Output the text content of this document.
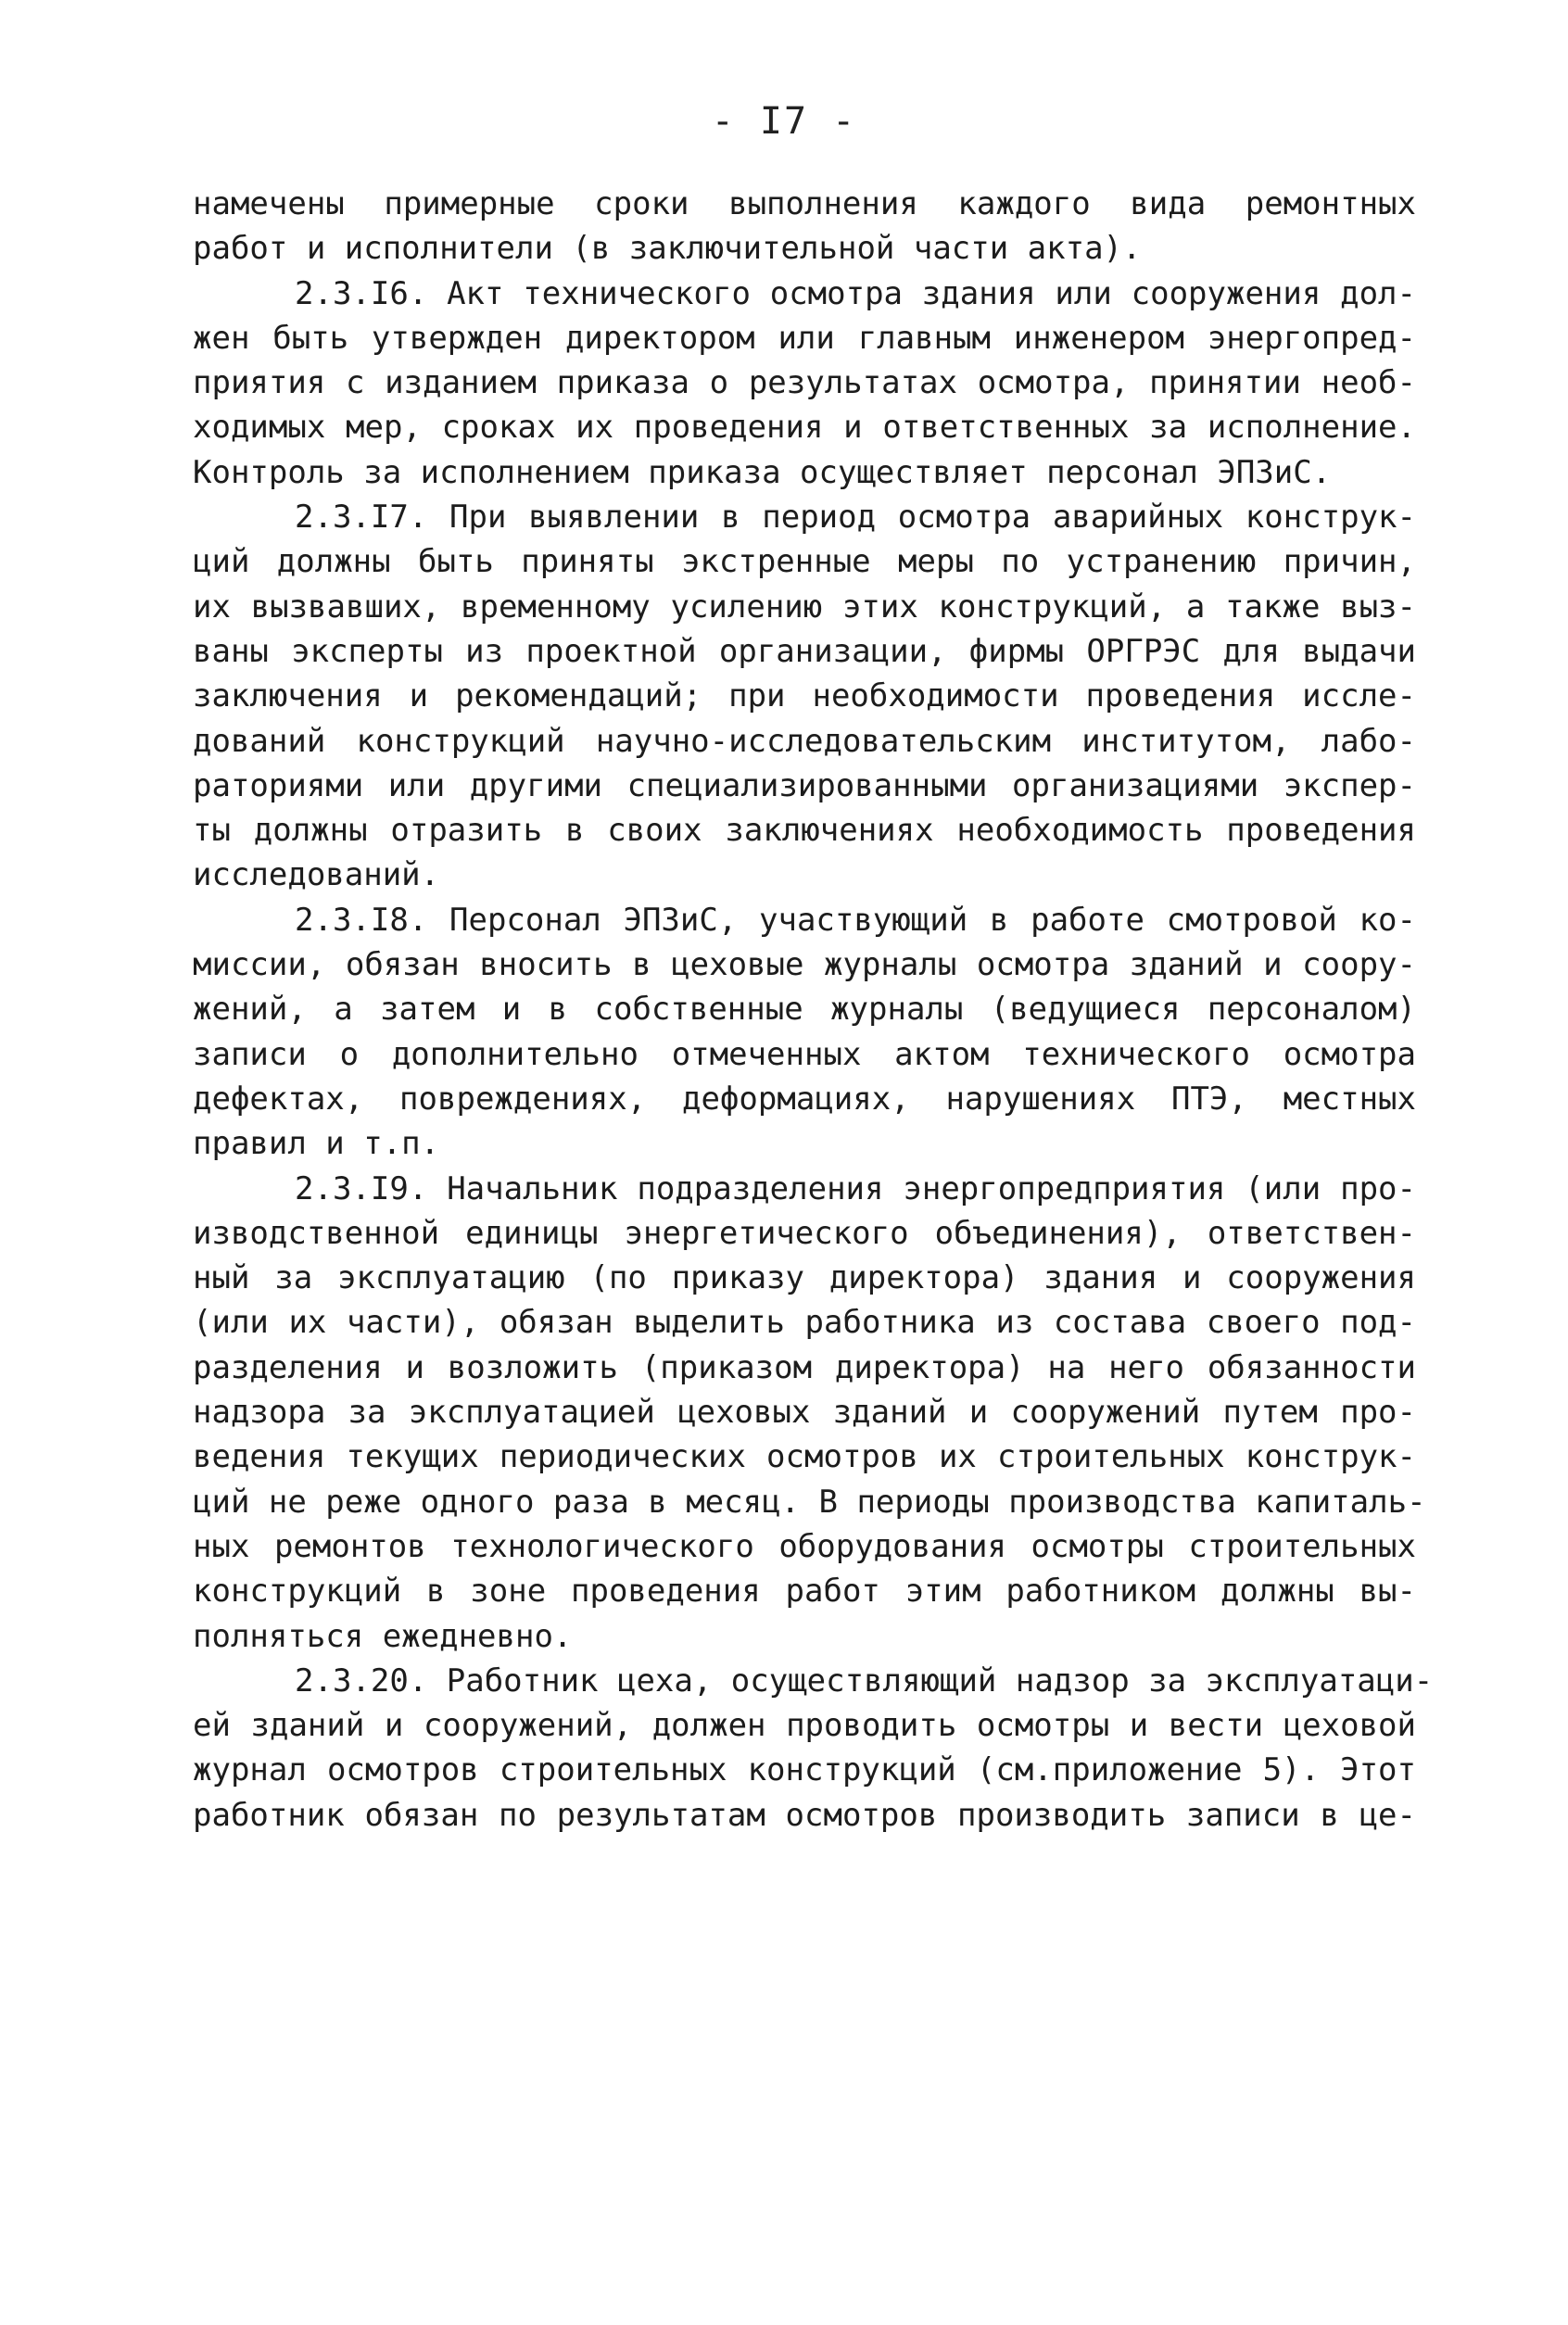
- I7 -
намечены примерные сроки выполнения каждого вида ремонтных
работ и исполнители (в заключительной части акта).
2.3.I6. Акт технического осмотра здания или сооружения дол-
жен быть утвержден директором или главным инженером энергопред-
приятия с изданием приказа о результатах осмотра, принятии необ-
ходимых мер, сроках их проведения и ответственных за исполнение.
Контроль за исполнением приказа осуществляет персонал ЭПЗиС.
2.3.I7. При выявлении в период осмотра аварийных конструк-
ций должны быть приняты экстренные меры по устранению причин,
их вызвавших, временному усилению этих конструкций, а также выз-
ваны эксперты из проектной организации, фирмы ОРГРЭС для выдачи
заключения и рекомендаций; при необходимости проведения иссле-
дований конструкций научно-исследовательским институтом, лабо-
раториями или другими специализированными организациями экспер-
ты должны отразить в своих заключениях необходимость проведения
исследований.
2.3.I8. Персонал ЭПЗиС, участвующий в работе смотровой ко-
миссии, обязан вносить в цеховые журналы осмотра зданий и соору-
жений, а затем и в собственные журналы (ведущиеся персоналом)
записи о дополнительно отмеченных актом технического осмотра
дефектах, повреждениях, деформациях, нарушениях ПТЭ, местных
правил и т.п.
2.3.I9. Начальник подразделения энергопредприятия (или про-
изводственной единицы энергетического объединения), ответствен-
ный за эксплуатацию (по приказу директора) здания и сооружения
(или их части), обязан выделить работника из состава своего под-
разделения и возложить (приказом директора) на него обязанности
надзора за эксплуатацией цеховых зданий и сооружений путем про-
ведения текущих периодических осмотров их строительных конструк-
ций не реже одного раза в месяц. В периоды производства капиталь-
ных ремонтов технологического оборудования осмотры строительных
конструкций в зоне проведения работ этим работником должны вы-
полняться ежедневно.
2.3.20. Работник цеха, осуществляющий надзор за эксплуатаци-
ей зданий и сооружений, должен проводить осмотры и вести цеховой
журнал осмотров строительных конструкций (см.приложение 5). Этот
работник обязан по результатам осмотров производить записи в це-
